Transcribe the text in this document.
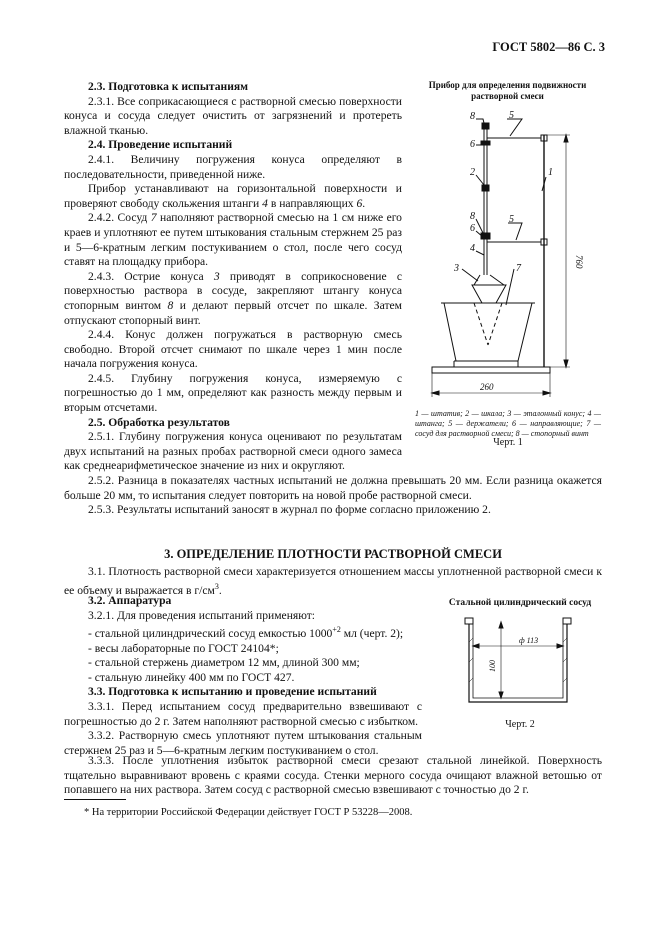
ГОСТ 5802—86 С. 3
2.3. Подготовка к испытаниям
2.3.1. Все соприкасающиеся с растворной смесью поверхности конуса и сосуда следует очистить от загрязнений и протереть влажной тканью.
2.4. Проведение испытаний
2.4.1. Величину погружения конуса определяют в последовательности, приведенной ниже.
Прибор устанавливают на горизонтальной поверхности и проверяют свободу скольжения штанги 4 в направляющих 6.
2.4.2. Сосуд 7 наполняют растворной смесью на 1 см ниже его краев и уплотняют ее путем штыкования стальным стержнем 25 раз и 5—6-кратным легким постукиванием о стол, после чего сосуд ставят на площадку прибора.
2.4.3. Острие конуса 3 приводят в соприкосновение с поверхностью раствора в сосуде, закрепляют штангу конуса стопорным винтом 8 и делают первый отсчет по шкале. Затем отпускают стопорный винт.
2.4.4. Конус должен погружаться в растворную смесь свободно. Второй отсчет снимают по шкале через 1 мин после начала погружения конуса.
2.4.5. Глубину погружения конуса, измеряемую с погрешностью до 1 мм, определяют как разность между первым и вторым отсчетами.
2.5. Обработка результатов
2.5.1. Глубину погружения конуса оценивают по результатам двух испытаний на разных пробах растворной смеси одного замеса как среднеарифметическое значение из них и округляют.
2.5.2. Разница в показателях частных испытаний не должна превышать 20 мм. Если разница окажется больше 20 мм, то испытания следует повторить на новой пробе растворной смеси.
2.5.3. Результаты испытаний заносят в журнал по форме согласно приложению 2.
Прибор для определения подвижности растворной смеси
8	5
6
2	1
8
6
5
4
3	7	760
260
1 — штатив; 2 — шкала; 3 — эталонный конус; 4 — штанга; 5 — держатели; 6 — направляющие; 7 — сосуд для растворной смеси; 8 — стопорный винт
Черт. 1
3. ОПРЕДЕЛЕНИЕ ПЛОТНОСТИ РАСТВОРНОЙ СМЕСИ
3.1. Плотность растворной смеси характеризуется отношением массы уплотненной растворной смеси к ее объему и выражается в $г/см^3$.
3.2. Аппаратура
3.2.1. Для проведения испытаний применяют:
- стальной цилиндрический сосуд емкостью $1000^{+2}$ мл (черт. 2);
- весы лабораторные по ГОСТ 24104*;
- стальной стержень диаметром 12 мм, длиной 300 мм;
- стальную линейку 400 мм по ГОСТ 427.
3.3. Подготовка к испытанию и проведение испытаний
3.3.1. Перед испытанием сосуд предварительно взвешивают с погрешностью до 2 г. Затем наполняют растворной смесью с избытком.
3.3.2. Растворную смесь уплотняют путем штыкования стальным стержнем 25 раз и 5—6-кратным легким постукиванием о стол.
3.3.3. После уплотнения избыток растворной смеси срезают стальной линейкой. Поверхность тщательно выравнивают вровень с краями сосуда. Стенки мерного сосуда очищают влажной ветошью от попавшего на них раствора. Затем сосуд с растворной смесью взвешивают с точностью до 2 г.
Стальной цилиндрический сосуд
ф 113
100
Черт. 2
* На территории Российской Федерации действует ГОСТ Р 53228—2008.
